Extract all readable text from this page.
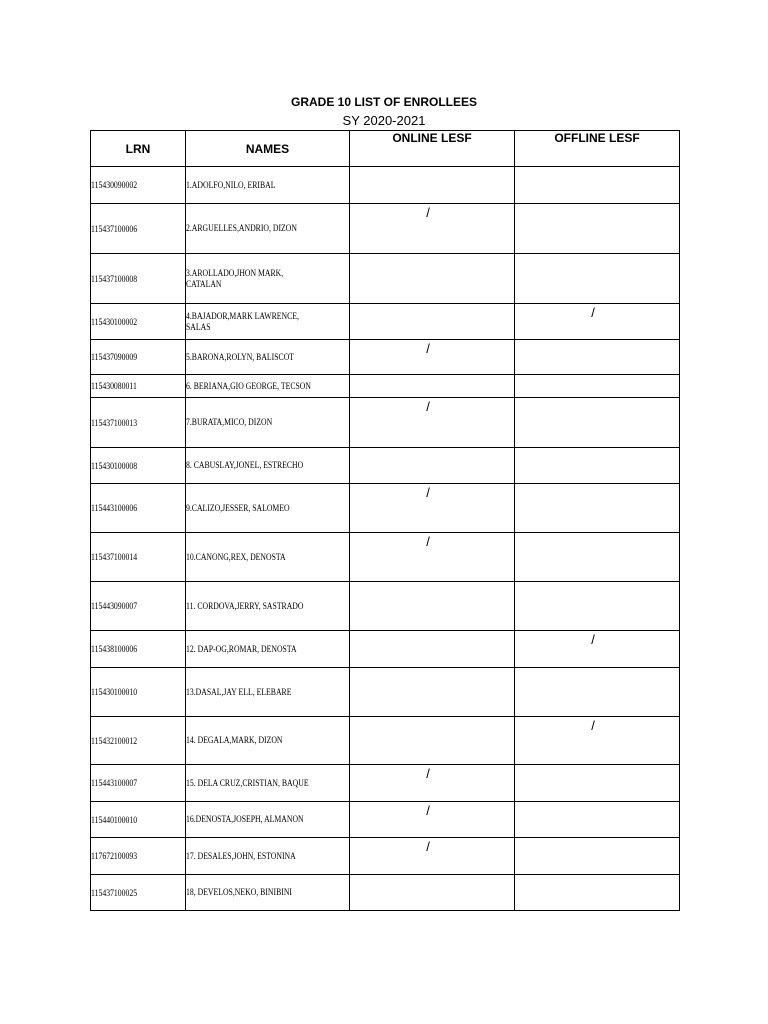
GRADE 10 LIST OF ENROLLEES
SY 2020-2021
LRN	NAMES	ONLINE LESF	OFFLINE LESF
115430090002	1.ADOLFO,NILO, ERIBAL		
115437100006	2.ARGUELLES,ANDRIO, DIZON	/	
115437100008	3.AROLLADO,JHON MARK, CATALAN		
115430100002	4.BAJADOR,MARK LAWRENCE, SALAS		/
115437090009	5.BARONA,ROLYN, BALISCOT	/	
115430080011	6. BERIANA,GIO GEORGE, TECSON		
115437100013	7.BURATA,MICO, DIZON	/	
115430100008	8. CABUSLAY,JONEL, ESTRECHO		
115443100006	9.CALIZO,JESSER, SALOMEO	/	
115437100014	10.CANONG,REX, DENOSTA	/	
115443090007	11. CORDOVA,JERRY, SASTRADO		
115438100006	12. DAP-OG,ROMAR, DENOSTA		/
115430100010	13.DASAL,JAY ELL, ELEBARE		
115432100012	14. DEGALA,MARK, DIZON		/
115443100007	15. DELA CRUZ,CRISTIAN, BAQUE	/	
115440100010	16.DENOSTA,JOSEPH, ALMANON	/	
117672100093	17. DESALES,JOHN, ESTONINA	/	
115437100025	18, DEVELOS,NEKO, BINIBINI		
